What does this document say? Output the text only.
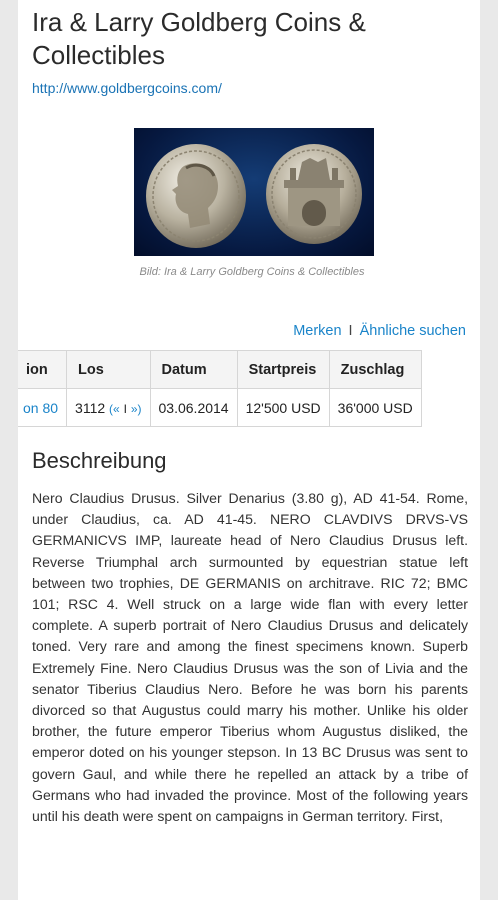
Ira & Larry Goldberg Coins & Collectibles
http://www.goldbergcoins.com/
Bild: Ira & Larry Goldberg Coins & Collectibles
Merken I Ähnliche suchen
ion	Los	Datum	Startpreis	Zuschlag
on 80	3112 (« I »)	03.06.2014	12'500 USD	36'000 USD
Beschreibung

Nero Claudius Drusus. Silver Denarius (3.80 g), AD 41-54. Rome, under Claudius, ca. AD 41-45. NERO CLAVDIVS DRVS-VS GERMANICVS IMP, laureate head of Nero Claudius Drusus left. Reverse Triumphal arch surmounted by equestrian statue left between two trophies, DE GERMANIS on architrave. RIC 72; BMC 101; RSC 4. Well struck on a large wide flan with every letter complete. A superb portrait of Nero Claudius Drusus and delicately toned. Very rare and among the finest specimens known. Superb Extremely Fine. Nero Claudius Drusus was the son of Livia and the senator Tiberius Claudius Nero. Before he was born his parents divorced so that Augustus could marry his mother. Unlike his older brother, the future emperor Tiberius whom Augustus disliked, the emperor doted on his younger stepson. In 13 BC Drusus was sent to govern Gaul, and while there he repelled an attack by a tribe of Germans who had invaded the province. Most of the following years until his death were spent on campaigns in German territory. First,
